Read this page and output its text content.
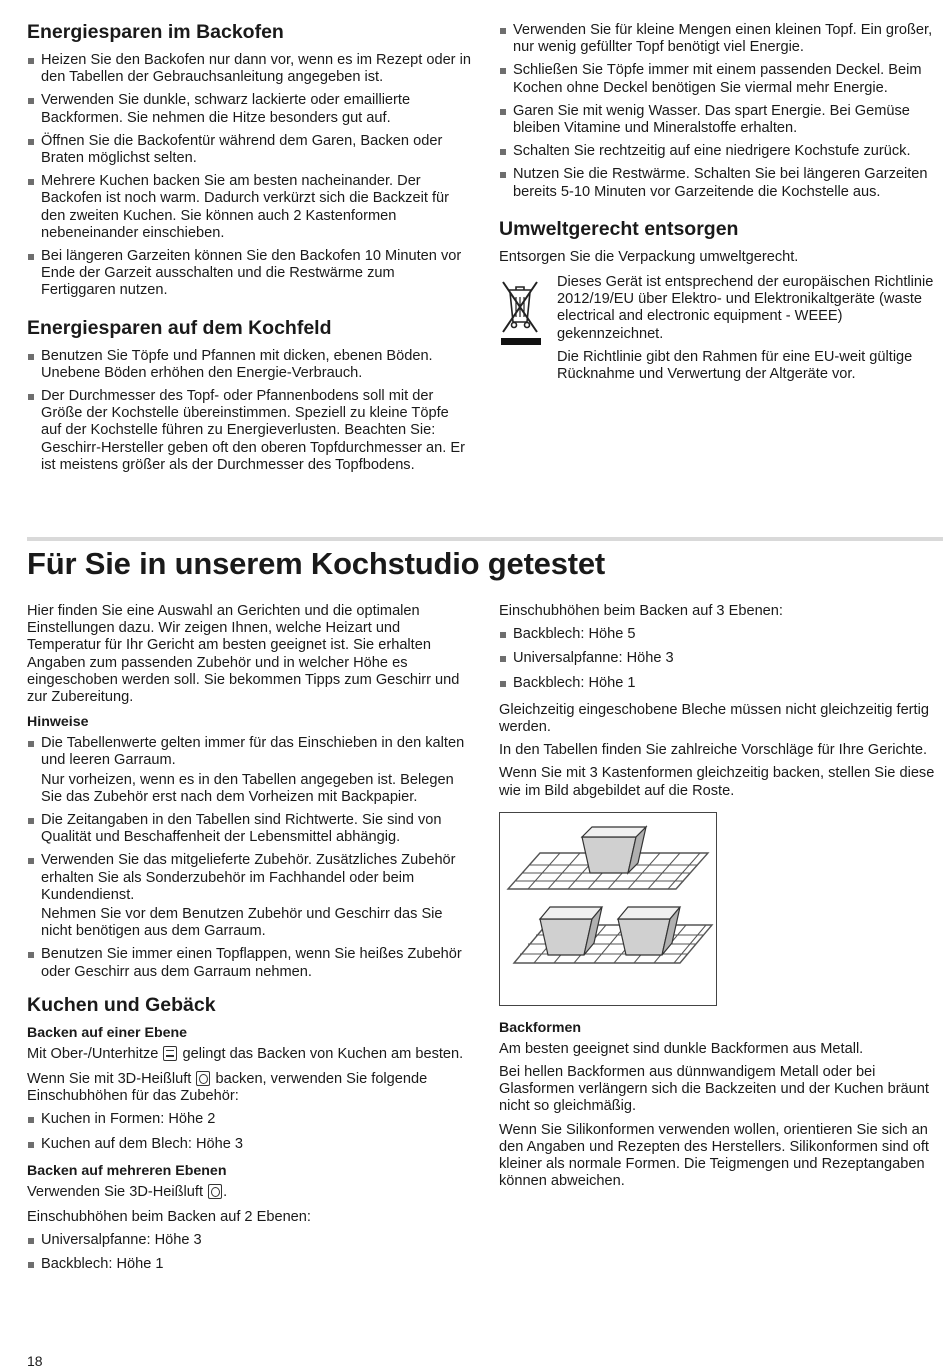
Energiesparen im Backofen
Heizen Sie den Backofen nur dann vor, wenn es im Rezept oder in den Tabellen der Gebrauchsanleitung angegeben ist.
Verwenden Sie dunkle, schwarz lackierte oder emaillierte Backformen. Sie nehmen die Hitze besonders gut auf.
Öffnen Sie die Backofentür während dem Garen, Backen oder Braten möglichst selten.
Mehrere Kuchen backen Sie am besten nacheinander. Der Backofen ist noch warm. Dadurch verkürzt sich die Backzeit für den zweiten Kuchen. Sie können auch 2 Kastenformen nebeneinander einschieben.
Bei längeren Garzeiten können Sie den Backofen 10 Minuten vor Ende der Garzeit ausschalten und die Restwärme zum Fertiggaren nutzen.
Energiesparen auf dem Kochfeld
Benutzen Sie Töpfe und Pfannen mit dicken, ebenen Böden. Unebene Böden erhöhen den Energie-Verbrauch.
Der Durchmesser des Topf- oder Pfannenbodens soll mit der Größe der Kochstelle übereinstimmen. Speziell zu kleine Töpfe auf der Kochstelle führen zu Energieverlusten. Beachten Sie: Geschirr-Hersteller geben oft den oberen Topfdurchmesser an. Er ist meistens größer als der Durchmesser des Topfbodens.
Verwenden Sie für kleine Mengen einen kleinen Topf. Ein großer, nur wenig gefüllter Topf benötigt viel Energie.
Schließen Sie Töpfe immer mit einem passenden Deckel. Beim Kochen ohne Deckel benötigen Sie viermal mehr Energie.
Garen Sie mit wenig Wasser. Das spart Energie. Bei Gemüse bleiben Vitamine und Mineralstoffe erhalten.
Schalten Sie rechtzeitig auf eine niedrigere Kochstufe zurück.
Nutzen Sie die Restwärme. Schalten Sie bei längeren Garzeiten bereits 5-10 Minuten vor Garzeitende die Kochstelle aus.
Umweltgerecht entsorgen

Entsorgen Sie die Verpackung umweltgerecht.

Dieses Gerät ist entsprechend der europäischen Richtlinie 2012/19/EU über Elektro- und Elektronikaltgeräte (waste electrical and electronic equipment - WEEE) gekennzeichnet.

Die Richtlinie gibt den Rahmen für eine EU-weit gültige Rücknahme und Verwertung der Altgeräte vor.

Für Sie in unserem Kochstudio getestet

Hier finden Sie eine Auswahl an Gerichten und die optimalen Einstellungen dazu. Wir zeigen Ihnen, welche Heizart und Temperatur für Ihr Gericht am besten geeignet ist. Sie erhalten Angaben zum passenden Zubehör und in welcher Höhe es eingeschoben werden soll. Sie bekommen Tipps zum Geschirr und zur Zubereitung.

Hinweise
Die Tabellenwerte gelten immer für das Einschieben in den kalten und leeren Garraum.
Nur vorheizen, wenn es in den Tabellen angegeben ist. Belegen Sie das Zubehör erst nach dem Vorheizen mit Backpapier.
Die Zeitangaben in den Tabellen sind Richtwerte. Sie sind von Qualität und Beschaffenheit der Lebensmittel abhängig.
Verwenden Sie das mitgelieferte Zubehör. Zusätzliches Zubehör erhalten Sie als Sonderzubehör im Fachhandel oder beim Kundendienst.
Nehmen Sie vor dem Benutzen Zubehör und Geschirr das Sie nicht benötigen aus dem Garraum.
Benutzen Sie immer einen Topflappen, wenn Sie heißes Zubehör oder Geschirr aus dem Garraum nehmen.
Kuchen und Gebäck
Backen auf einer Ebene

Mit Ober-/Unterhitze gelingt das Backen von Kuchen am besten.

Wenn Sie mit 3D-Heißluft backen, verwenden Sie folgende Einschubhöhen für das Zubehör:

Kuchen in Formen: Höhe 2
Kuchen auf dem Blech: Höhe 3
Backen auf mehreren Ebenen

Verwenden Sie 3D-Heißluft .

Einschubhöhen beim Backen auf 2 Ebenen:

Universalpfanne: Höhe 3
Backblech: Höhe 1

Einschubhöhen beim Backen auf 3 Ebenen:

Backblech: Höhe 5
Universalpfanne: Höhe 3
Backblech: Höhe 1

Gleichzeitig eingeschobene Bleche müssen nicht gleichzeitig fertig werden.

In den Tabellen finden Sie zahlreiche Vorschläge für Ihre Gerichte.

Wenn Sie mit 3 Kastenformen gleichzeitig backen, stellen Sie diese wie im Bild abgebildet auf die Roste.

Backformen

Am besten geeignet sind dunkle Backformen aus Metall.

Bei hellen Backformen aus dünnwandigem Metall oder bei Glasformen verlängern sich die Backzeiten und der Kuchen bräunt nicht so gleichmäßig.

Wenn Sie Silikonformen verwenden wollen, orientieren Sie sich an den Angaben und Rezepten des Herstellers. Silikonformen sind oft kleiner als normale Formen. Die Teigmengen und Rezeptangaben können abweichen.

18
